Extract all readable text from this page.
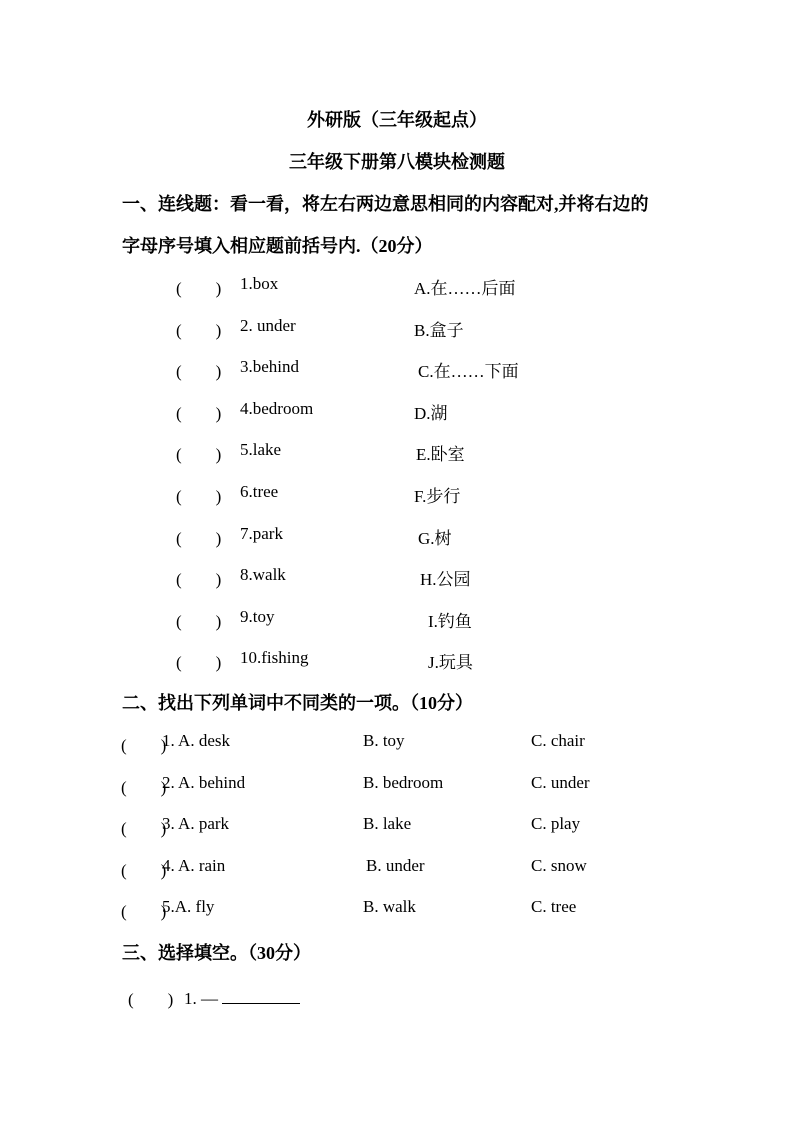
外研版（三年级起点）
三年级下册第八模块检测题
一、连线题：看一看，将左右两边意思相同的内容配对,并将右边的
字母序号填入相应题前括号内.（20分）
(　　) 1.box	A.在……后面
(　　) 2. under	B.盒子
(　　) 3.behind	C.在……下面
(　　) 4.bedroom	D.湖
(　　) 5.lake	E.卧室
(　　) 6.tree	F.步行
(　　) 7.park	G.树
(　　) 8.walk	H.公园
(　　) 9.toy	I.钓鱼
(　　) 10.fishing	J.玩具
二、找出下列单词中不同类的一项。（10分）
(　　)
1. A. desk	B. toy	C. chair
(　　)
2. A. behind	B. bedroom	C. under
(　　)
3. A. park	B. lake	C. play
(　　)
4. A. rain	B. under	C. snow
(　　)
5.A. fly	B. walk	C. tree
三、选择填空。（30分）
(　　) 1. —
